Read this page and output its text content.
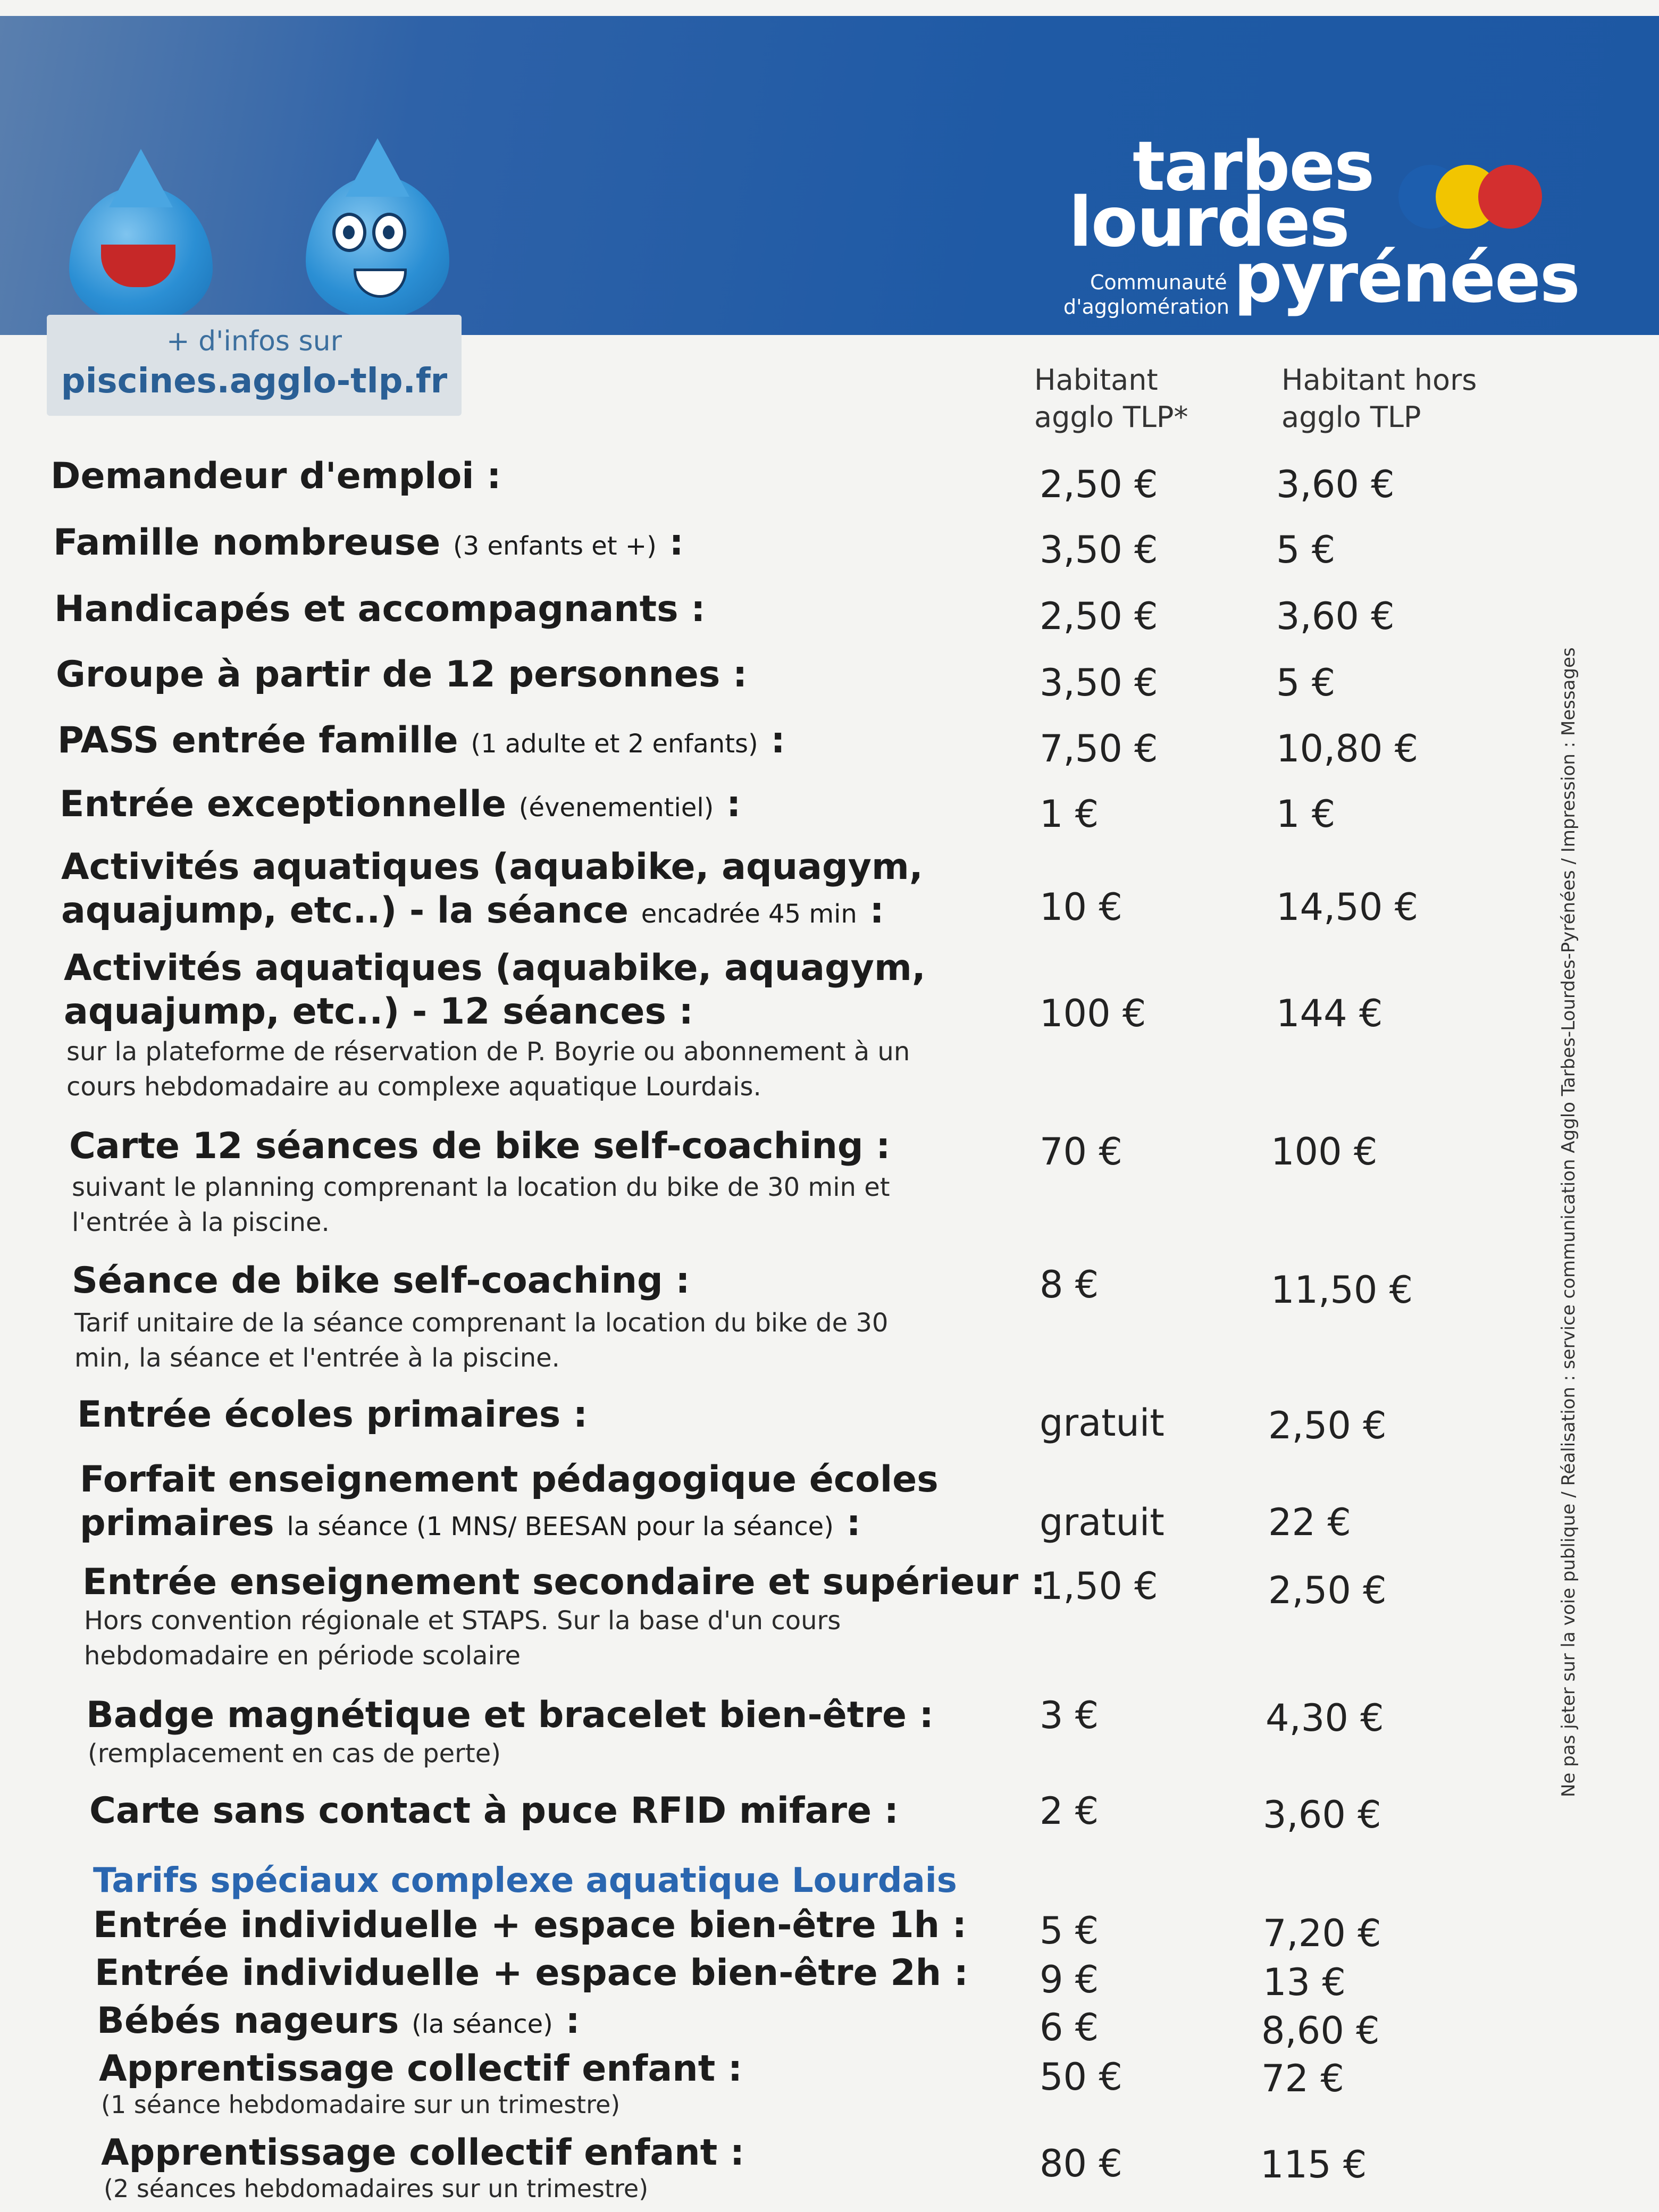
+ d'infos sur
piscines.agglo-tlp.fr
tarbes
lourdes
Communauté
d'agglomération pyrénées
Habitant agglo TLP*
Habitant hors agglo TLP
Demandeur d'emploi :	2,50 €	3,60 €
Famille nombreuse (3 enfants et +) :	3,50 €	5 €
Handicapés et accompagnants :	2,50 €	3,60 €
Groupe à partir de 12 personnes :	3,50 €	5 €
PASS entrée famille (1 adulte et 2 enfants) :	7,50 €	10,80 €
Entrée exceptionnelle (évenementiel) :	1 €	1 €
Activités aquatiques (aquabike, aquagym,
aquajump, etc..) - la séance encadrée 45 min :	10 €	14,50 €
Activités aquatiques (aquabike, aquagym,
aquajump, etc..) - 12 séances :
sur la plateforme de réservation de P. Boyrie ou abonnement à un
cours hebdomadaire au complexe aquatique Lourdais.
100 €	144 €
Carte 12 séances de bike self-coaching :
suivant le planning comprenant la location du bike de 30 min et
l'entrée à la piscine.
70 €	100 €
Séance de bike self-coaching :
Tarif unitaire de la séance comprenant la location du bike de 30
min, la séance et l'entrée à la piscine.
8 €	11,50 €
Entrée écoles primaires :	gratuit	2,50 €
Forfait enseignement pédagogique écoles
primaires la séance (1 MNS/ BEESAN pour la séance) :	gratuit	22 €
Entrée enseignement secondaire et supérieur :
Hors convention régionale et STAPS. Sur la base d'un cours
hebdomadaire en période scolaire
1,50 €	2,50 €
Badge magnétique et bracelet bien-être :
(remplacement en cas de perte)
3 €	4,30 €
Carte sans contact à puce RFID mifare :	2 €	3,60 €
Tarifs spéciaux complexe aquatique Lourdais
Entrée individuelle + espace bien-être 1h :	5 €	7,20 €
Entrée individuelle + espace bien-être 2h :	9 €	13 €
Bébés nageurs (la séance) :	6 €	8,60 €
Apprentissage collectif enfant :
(1 séance hebdomadaire sur un trimestre)
50 €	72 €
Apprentissage collectif enfant :
(2 séances hebdomadaires sur un trimestre)
80 €	115 €
Ne pas jeter sur la voie publique / Réalisation : service communication Agglo Tarbes-Lourdes-Pyrénées / Impression : Messages
